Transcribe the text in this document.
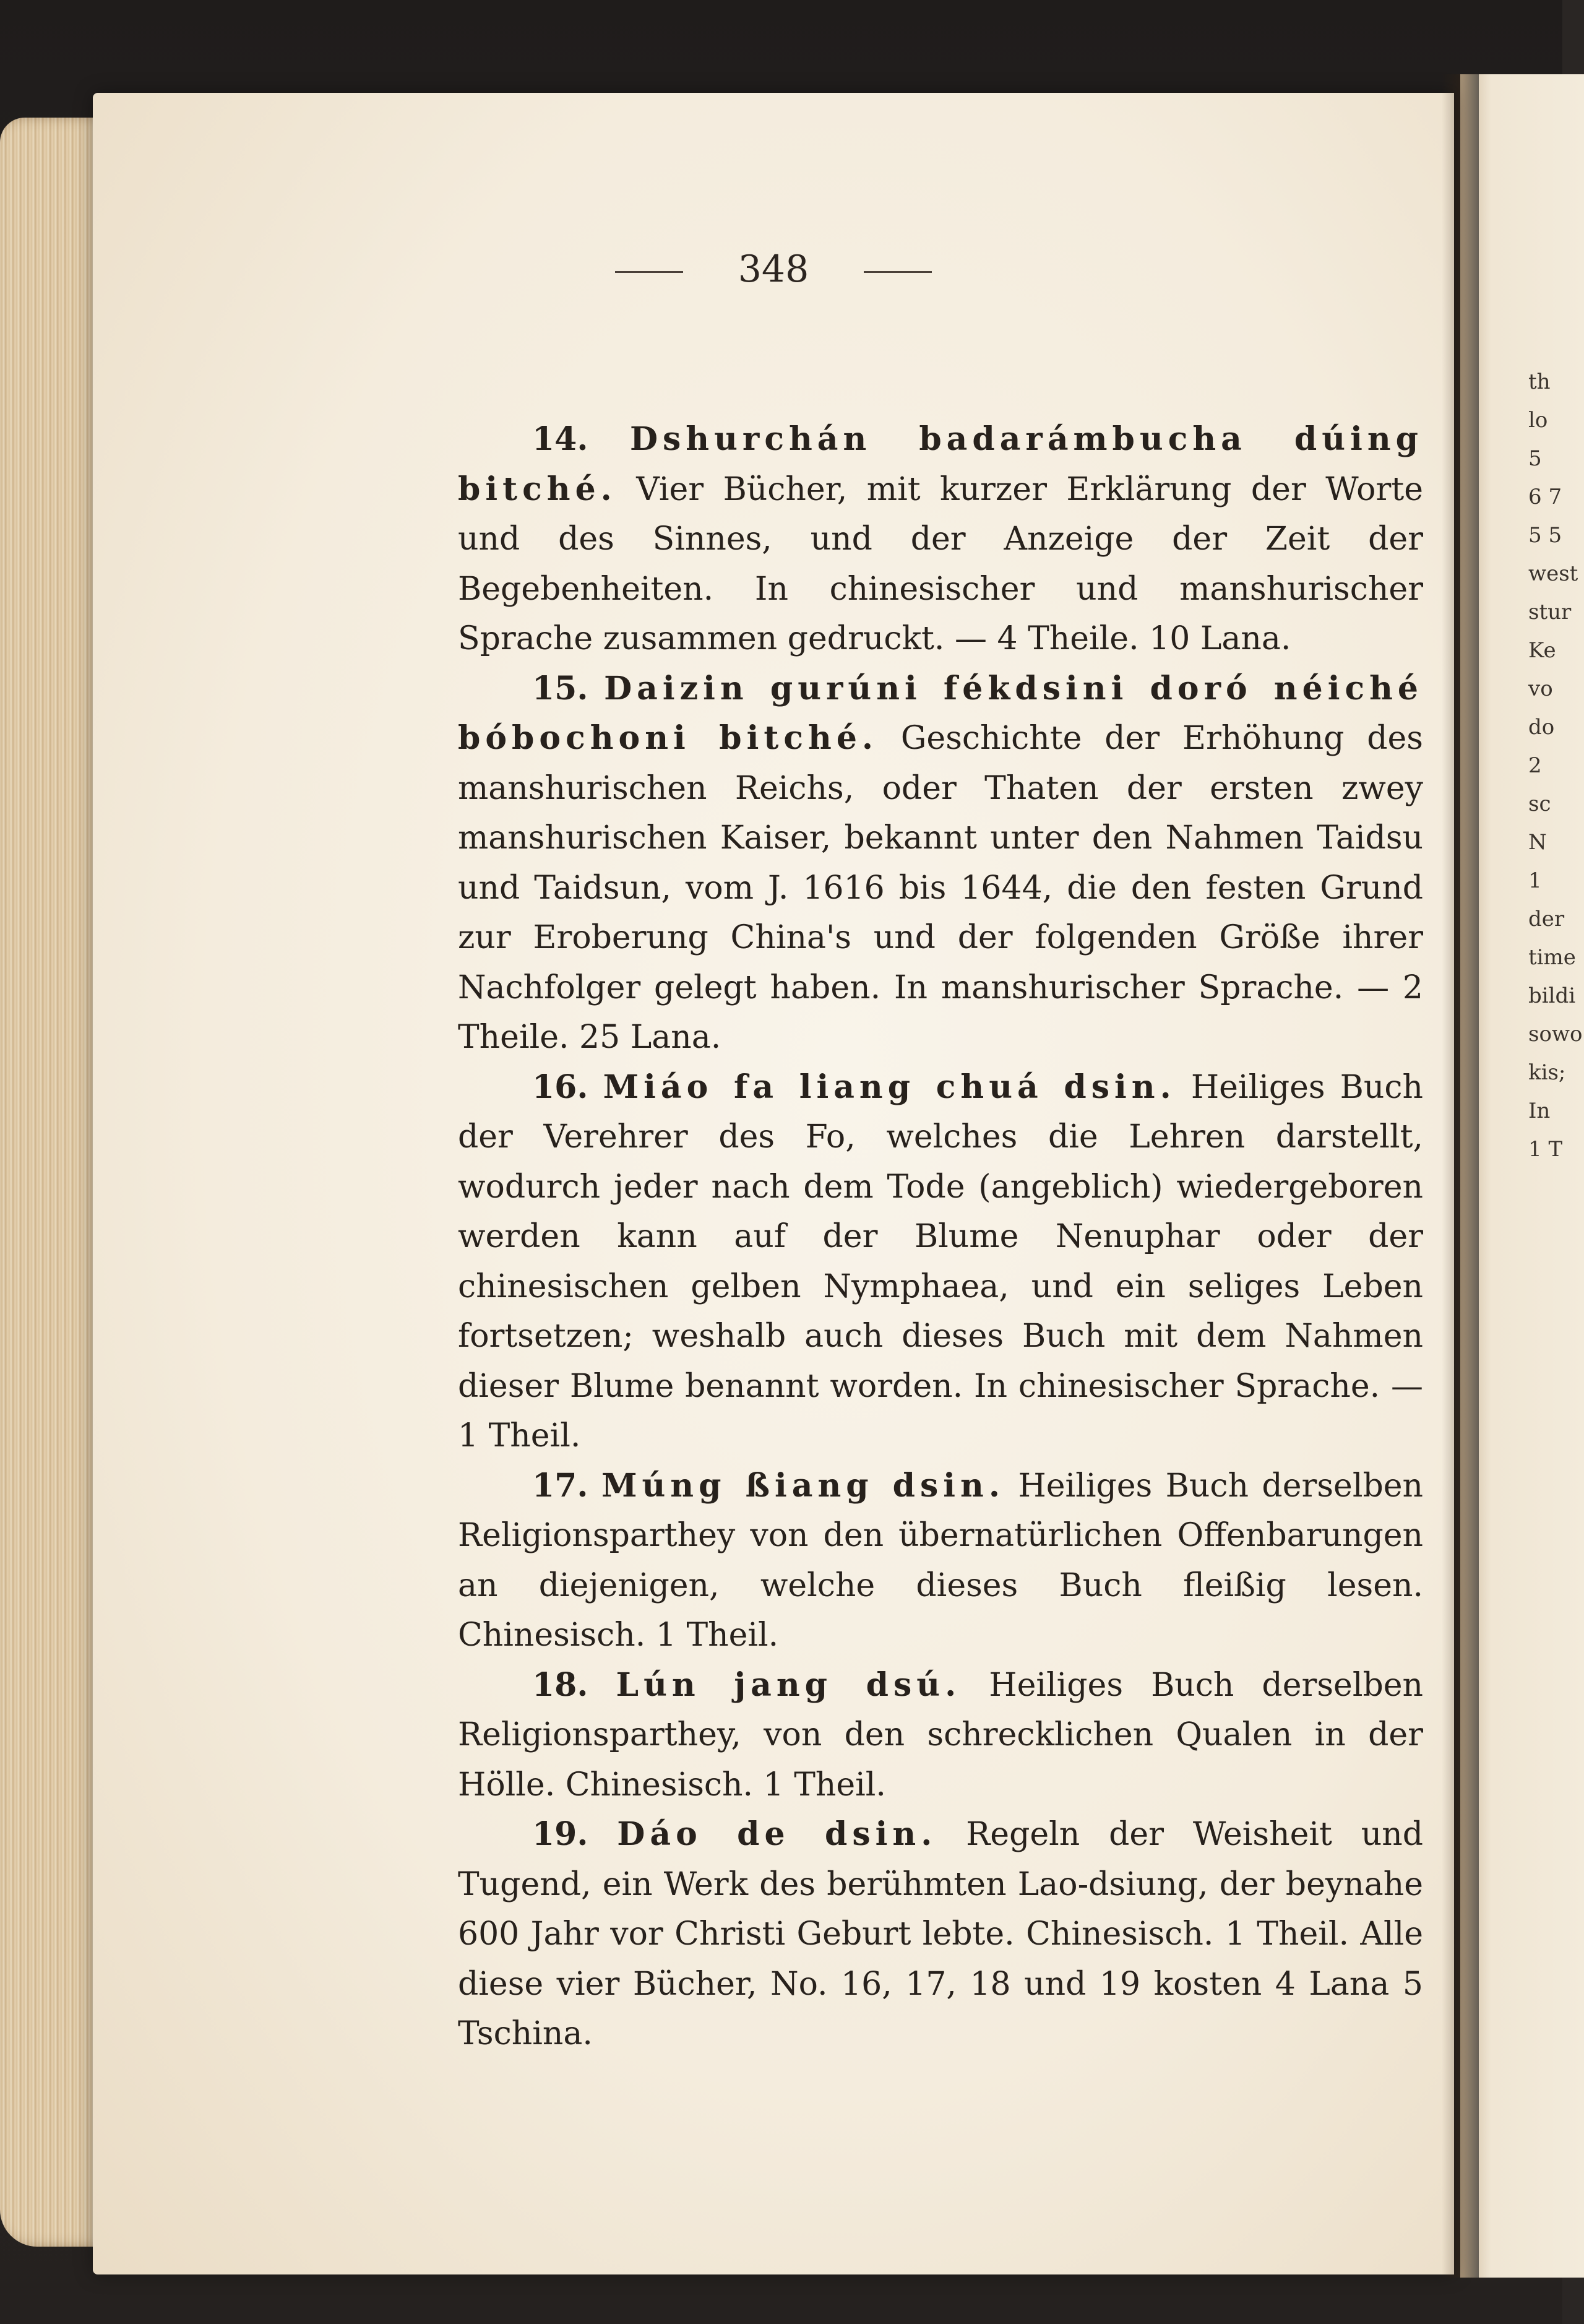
th
lo
5
6 7
5 5
west
stur
Ke
vo
do
2
sc
N
1
der
time
bildi
sowo
kis;
In
1 T
348

14. Dshurchán badarámbucha dúing bitché. Vier Bücher, mit kurzer Erklärung der Worte und des Sinnes, und der Anzeige der Zeit der Begebenheiten. In chinesischer und manshurischer Sprache zusammen gedruckt. — 4 Theile. 10 Lana.

15. Daizin gurúni fékdsini doró néiché bóbochoni bitché. Geschichte der Erhöhung des manshurischen Reichs, oder Thaten der ersten zwey manshurischen Kaiser, bekannt unter den Nahmen Taidsu und Taidsun, vom J. 1616 bis 1644, die den festen Grund zur Eroberung China's und der folgenden Größe ihrer Nachfolger gelegt haben. In manshurischer Sprache. — 2 Theile. 25 Lana.

16. Miáo fa liang chuá dsin. Heiliges Buch der Verehrer des Fo, welches die Lehren darstellt, wodurch jeder nach dem Tode (angeblich) wiedergeboren werden kann auf der Blume Nenuphar oder der chinesischen gelben Nymphaea, und ein seliges Leben fortsetzen; weshalb auch dieses Buch mit dem Nahmen dieser Blume benannt worden. In chinesischer Sprache. — 1 Theil.

17. Múng ßiang dsin. Heiliges Buch derselben Religionsparthey von den übernatürlichen Offenbarungen an diejenigen, welche dieses Buch fleißig lesen. Chinesisch. 1 Theil.

18. Lún jang dsú. Heiliges Buch derselben Religionsparthey, von den schrecklichen Qualen in der Hölle. Chinesisch. 1 Theil.

19. Dáo de dsin. Regeln der Weisheit und Tugend, ein Werk des berühmten Lao-dsiung, der beynahe 600 Jahr vor Christi Geburt lebte. Chinesisch. 1 Theil. Alle diese vier Bücher, No. 16, 17, 18 und 19 kosten 4 Lana 5 Tschina.
